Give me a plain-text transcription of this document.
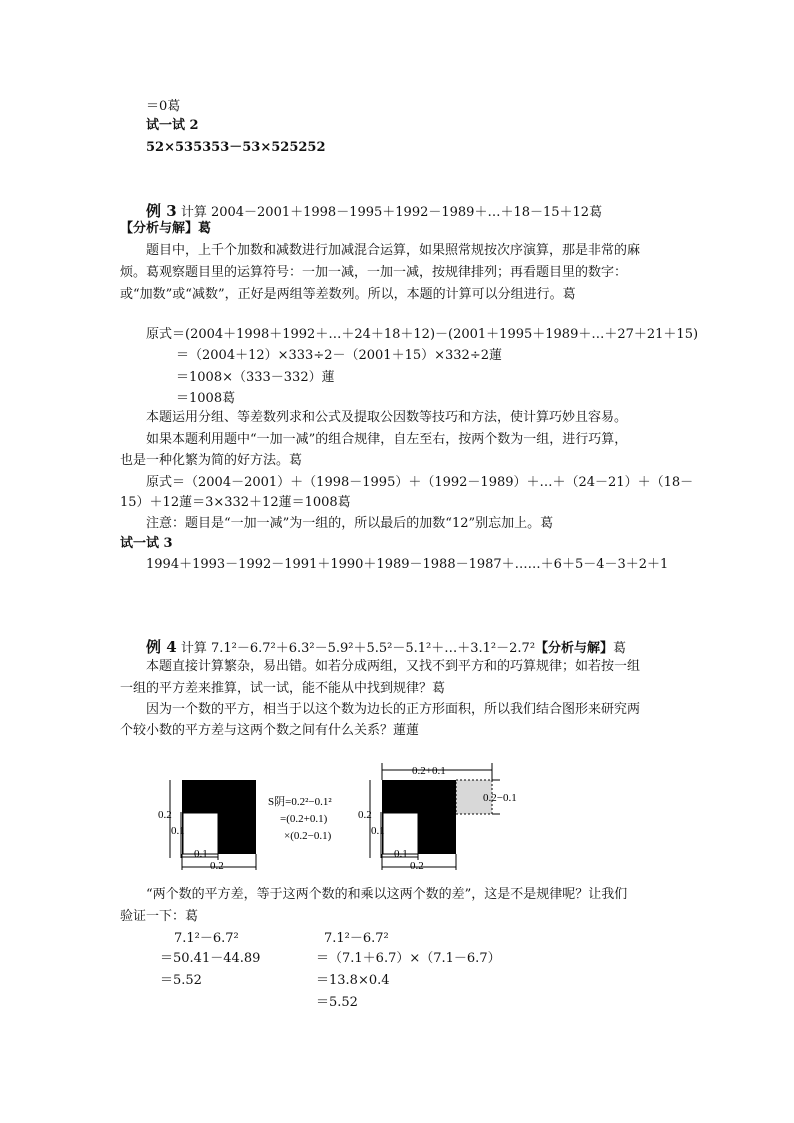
＝0葛
试一试 2
52×535353－53×525252
例 3 计算 2004－2001＋1998－1995＋1992－1989＋…＋18－15＋12葛
【分析与解】葛
题目中，上千个加数和减数进行加减混合运算，如果照常规按次序演算，那是非常的麻
烦。葛观察题目里的运算符号：一加一减，一加一减，按规律排列；再看题目里的数字：
或“加数”或“减数”，正好是两组等差数列。所以，本题的计算可以分组进行。葛
原式＝(2004＋1998＋1992＋…＋24＋18＋12)－(2001＋1995＋1989＋…＋27＋21＋15)
＝（2004＋12）×333÷2－（2001＋15）×332÷2蓮
＝1008×（333－332）蓮
＝1008葛
本题运用分组、等差数列求和公式及提取公因数等技巧和方法，使计算巧妙且容易。
如果本题利用题中“一加一减”的组合规律，自左至右，按两个数为一组，进行巧算，
也是一种化繁为简的好方法。葛
原式＝（2004－2001）＋（1998－1995）＋（1992－1989）＋…＋（24－21）＋（18－
15）＋12蓮＝3×332＋12蓮＝1008葛
注意：题目是“一加一减”为一组的，所以最后的加数“12”别忘加上。葛
试一试 3
1994＋1993－1992－1991＋1990＋1989－1988－1987＋……＋6＋5－4－3＋2＋1
例 4 计算 7.1²－6.7²＋6.3²－5.9²＋5.5²－5.1²＋…＋3.1²－2.7²【分析与解】葛
本题直接计算繁杂，易出错。如若分成两组，又找不到平方和的巧算规律；如若按一组
一组的平方差来推算，试一试，能不能从中找到规律？葛
因为一个数的平方，相当于以这个数为边长的正方形面积，所以我们结合图形来研究两
个较小数的平方差与这两个数之间有什么关系？蓮蓮
0.2
0.1
0.1
0.2
S阴=0.2²−0.1²
=(0.2+0.1)
×(0.2−0.1)
0.2+0.1
0.2−0.1
0.2
0.1
0.1
0.2
“两个数的平方差，等于这两个数的和乘以这两个数的差”，这是不是规律呢？让我们
验证一下：葛
7.1²－6.7²
＝50.41－44.89
＝5.52
7.1²－6.7²
＝（7.1＋6.7）×（7.1－6.7）
＝13.8×0.4
＝5.52
